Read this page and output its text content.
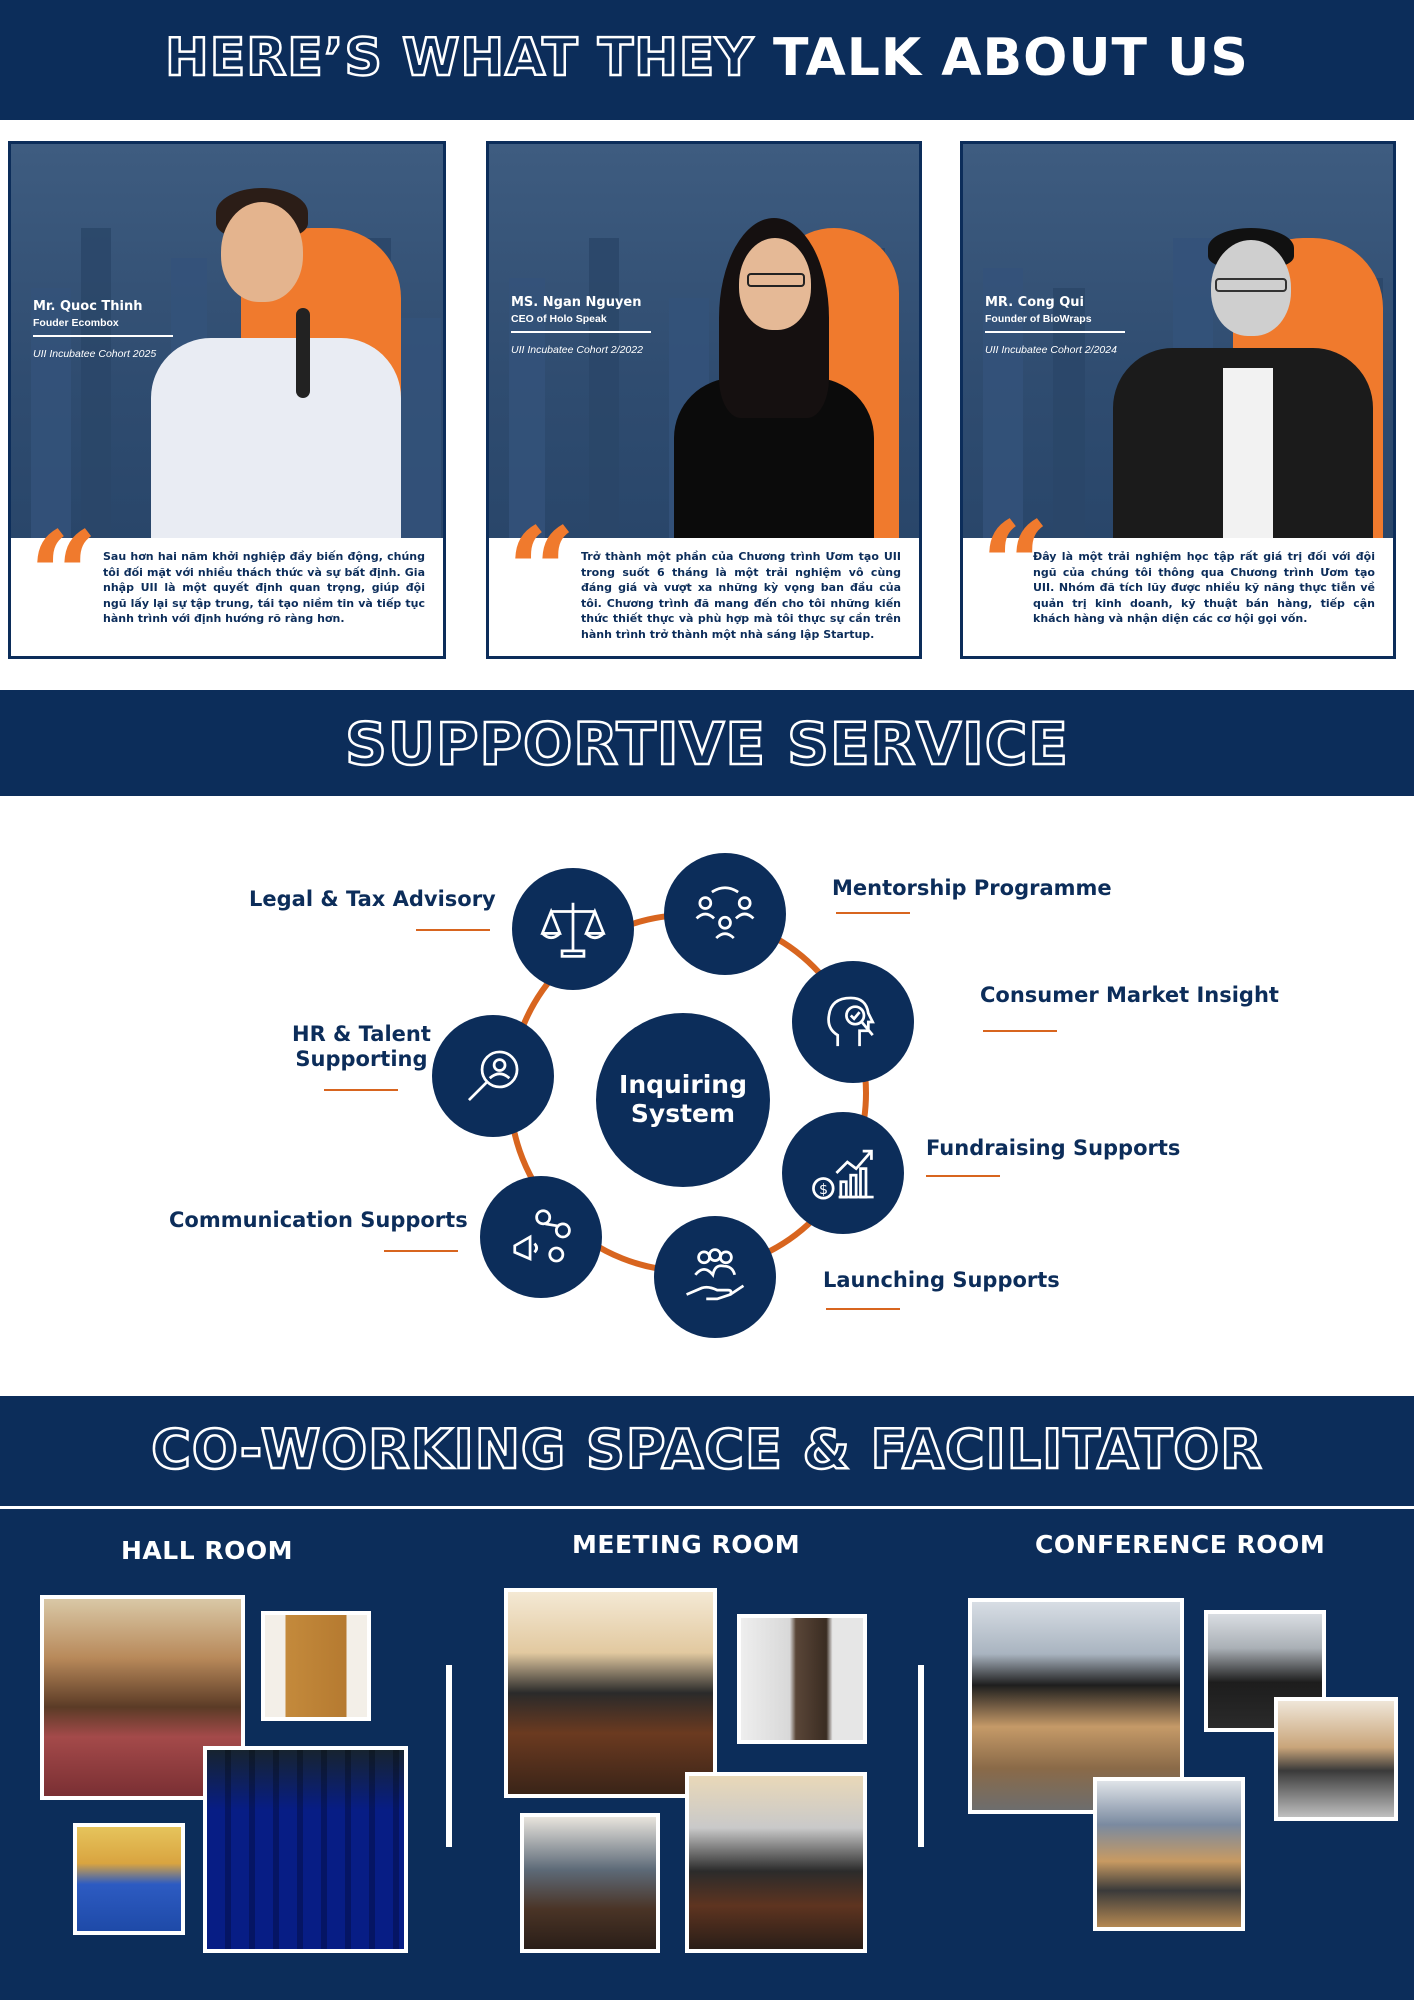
HERE’S WHAT THEY TALK ABOUT US
Mr. Quoc Thinh
Fouder Ecombox
UII Incubatee Cohort 2025
“ Sau hơn hai năm khởi nghiệp đầy biến động, chúng tôi đối mặt với nhiều thách thức và sự bất định. Gia nhập UII là một quyết định quan trọng, giúp đội ngũ lấy lại sự tập trung, tái tạo niềm tin và tiếp tục hành trình với định hướng rõ ràng hơn.
MS. Ngan Nguyen
CEO of Holo Speak
UII Incubatee Cohort 2/2022
“ Trở thành một phần của Chương trình Ươm tạo UII trong suốt 6 tháng là một trải nghiệm vô cùng đáng giá và vượt xa những kỳ vọng ban đầu của tôi. Chương trình đã mang đến cho tôi những kiến thức thiết thực và phù hợp mà tôi thực sự cần trên hành trình trở thành một nhà sáng lập Startup.
MR. Cong Qui
Founder of BioWraps
UII Incubatee Cohort 2/2024
“
Đây là một trải nghiệm học tập rất giá trị đối với đội ngũ của chúng tôi thông qua Chương trình Ươm tạo UII. Nhóm đã tích lũy được nhiều kỹ năng thực tiễn về quản trị kinh doanh, kỹ thuật bán hàng, tiếp cận khách hàng và nhận diện các cơ hội gọi vốn.
SUPPORTIVE SERVICE
Inquiring
System
$
Legal & Tax Advisory	Mentorship Programme
Consumer Market Insight
HR & Talent
Supporting
Fundraising Supports
Communication Supports
Launching Supports
CO-WORKING SPACE & FACILITATOR
HALL ROOM	MEETING ROOM	CONFERENCE ROOM
